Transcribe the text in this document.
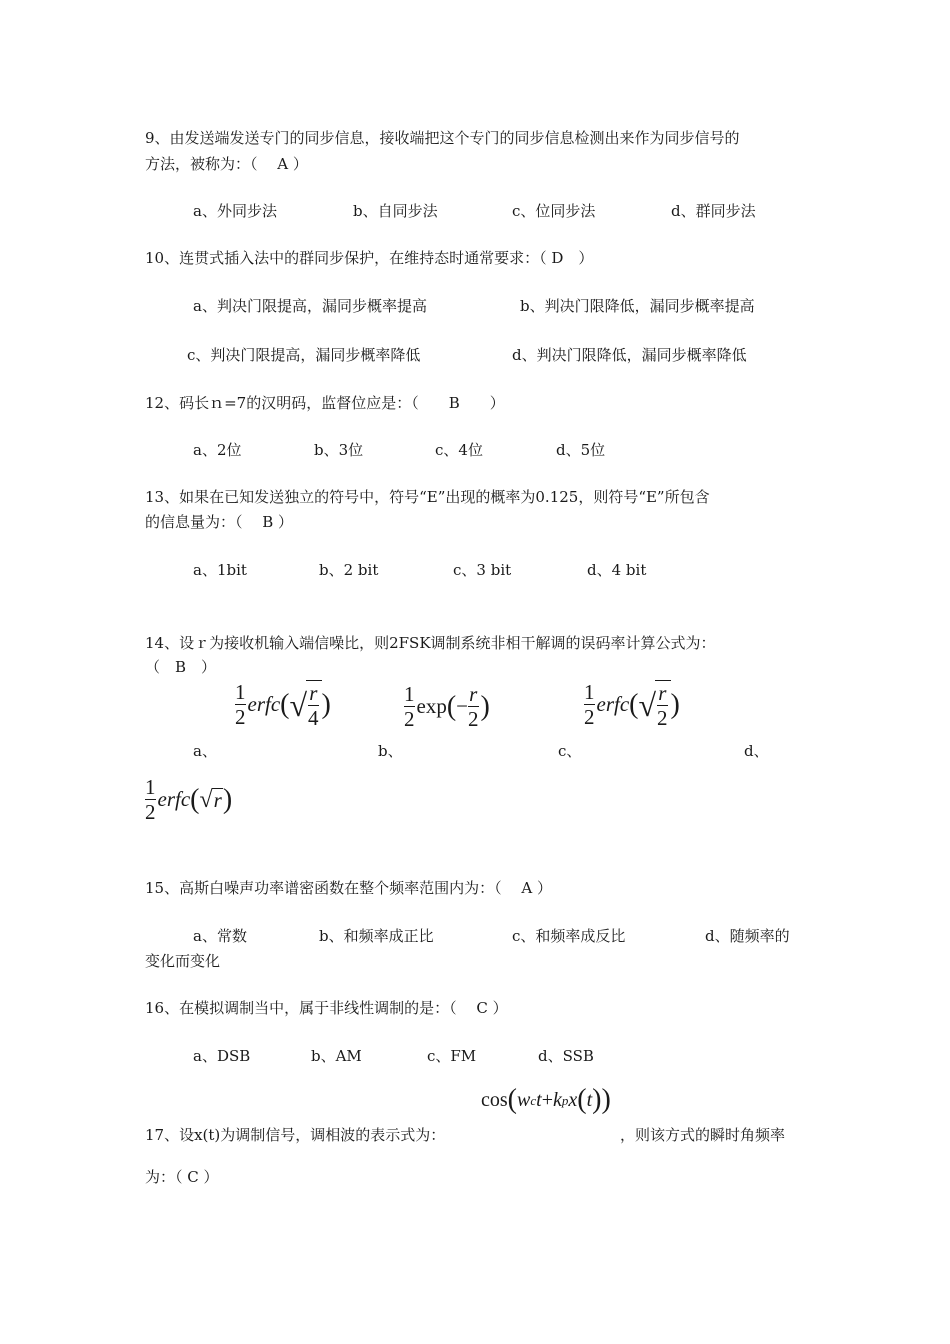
9、由发送端发送专门的同步信息，接收端把这个专门的同步信息检测出来作为同步信号的
方法，被称为：（　 A ）
a、外同步法	b、自同步法	c、位同步法	d、群同步法
10、连贯式插入法中的群同步保护，在维持态时通常要求：（ D　）
a、判决门限提高，漏同步概率提高	b、判决门限降低，漏同步概率提高
c、判决门限提高，漏同步概率降低	d、判决门限降低，漏同步概率降低
12、码长ｎ=7的汉明码，监督位应是：（　　B　　）
a、2位	b、3位	c、4位	d、5位
13、如果在已知发送独立的符号中，符号“E”出现的概率为0.125，则符号“E”所包含
的信息量为：（　 B ）
a、1bit	b、2 bit	c、3 bit	d、4 bit
14、设ｒ为接收机输入端信噪比，则2FSK调制系统非相干解调的误码率计算公式为：
（　B　）
$\frac{1}{2}$ erfc ( √ $\frac{r}{4}$ )	$\frac{1}{2}$ exp ( − $\frac{r}{2}$ )	$\frac{1}{2}$ erfc ( √ $\frac{r}{2}$ )
a、	b、	c、	d、
$\frac{1}{2}$ erfc ( √ r )
15、高斯白噪声功率谱密函数在整个频率范围内为：（　 A ）
a、常数	b、和频率成正比	c、和频率成反比	d、随频率的
变化而变化
16、在模拟调制当中，属于非线性调制的是：（　 C ）
a、DSB	b、AM	c、FM	d、SSB
cos ( w c t + k p x ( t ) )
17、设x(t)为调制信号，调相波的表示式为：	，则该方式的瞬时角频率
为：（ C ）
